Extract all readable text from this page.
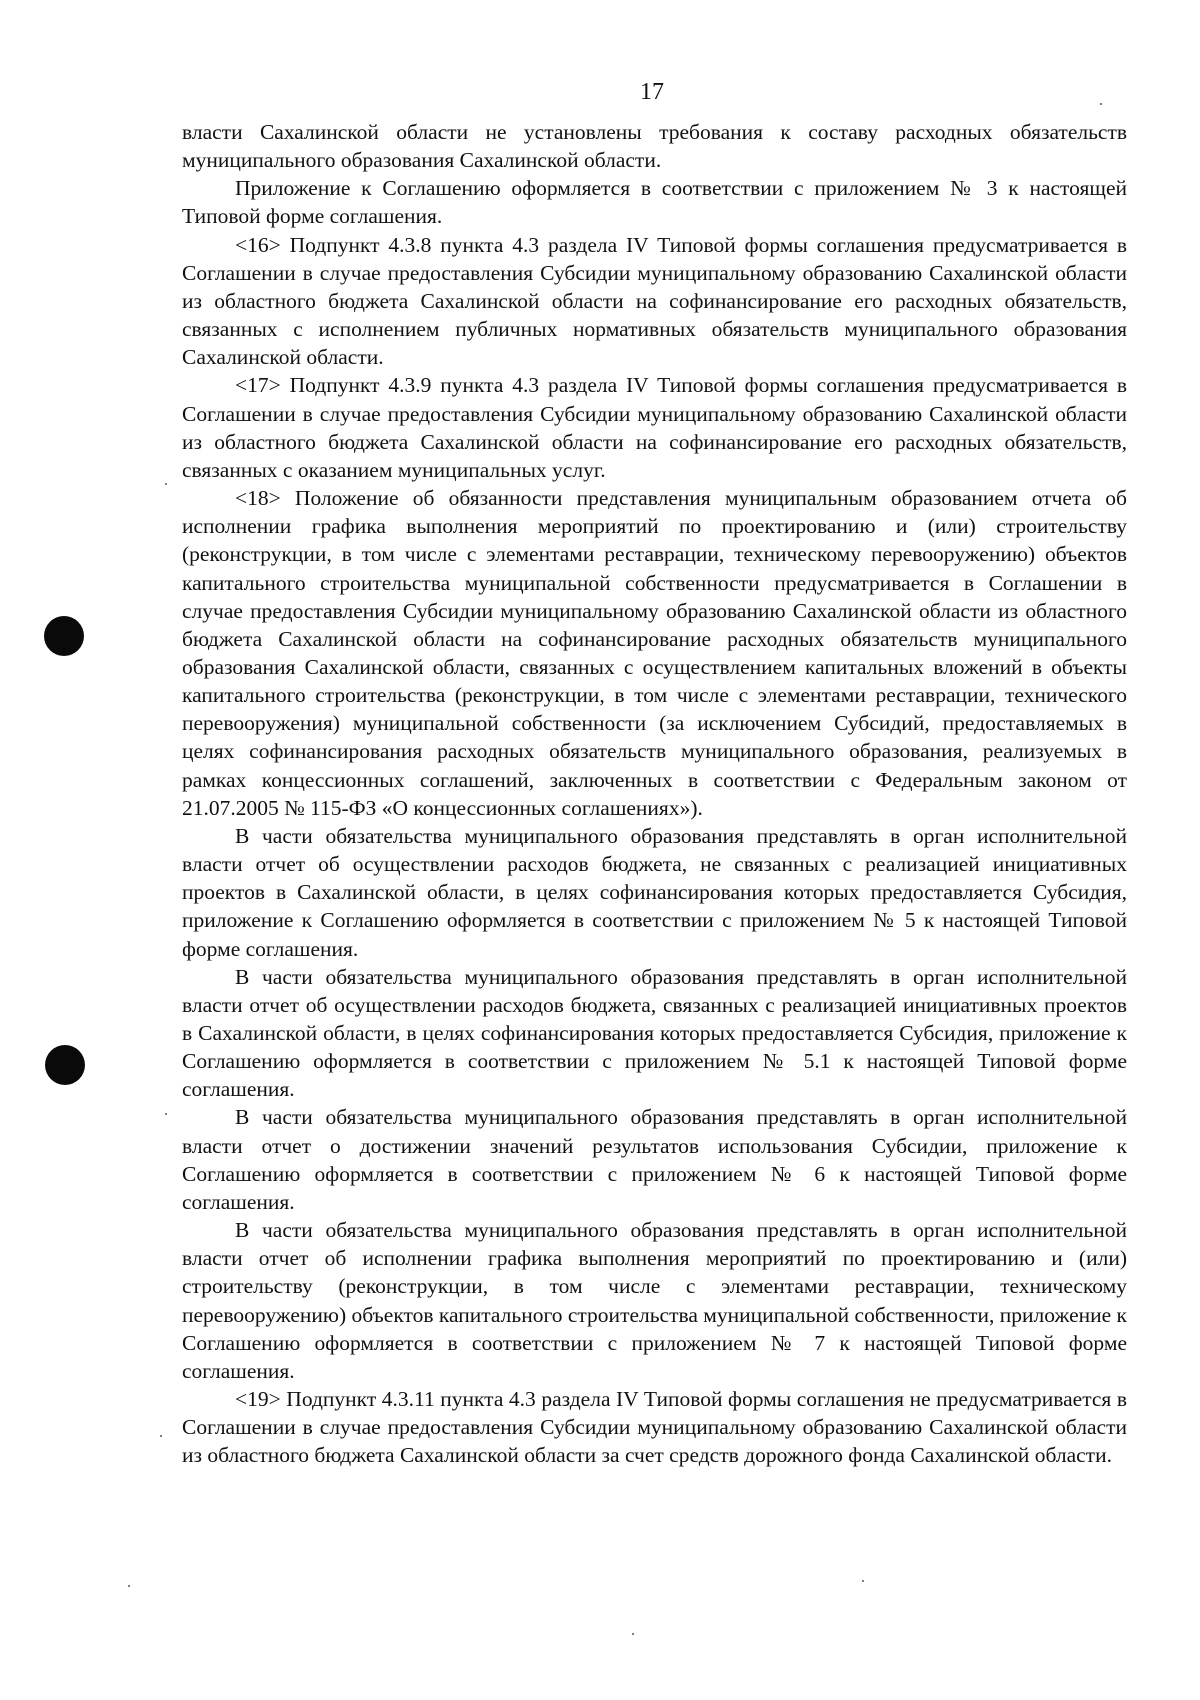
17

власти Сахалинской области не установлены требования к составу расходных обязательств муниципального образования Сахалинской области.

Приложение к Соглашению оформляется в соответствии с приложением № 3 к настоящей Типовой форме соглашения.

<16> Подпункт 4.3.8 пункта 4.3 раздела IV Типовой формы соглашения предусматривается в Соглашении в случае предоставления Субсидии муниципальному образованию Сахалинской области из областного бюджета Сахалинской области на софинансирование его расходных обязательств, связанных с исполнением публичных нормативных обязательств муниципального образования Сахалинской области.

<17> Подпункт 4.3.9 пункта 4.3 раздела IV Типовой формы соглашения предусматривается в Соглашении в случае предоставления Субсидии муниципальному образованию Сахалинской области из областного бюджета Сахалинской области на софинансирование его расходных обязательств, связанных с оказанием муниципальных услуг.

<18> Положение об обязанности представления муниципальным образованием отчета об исполнении графика выполнения мероприятий по проектированию и (или) строительству (реконструкции, в том числе с элементами реставрации, техническому перевооружению) объектов капитального строительства муниципальной собственности предусматривается в Соглашении в случае предоставления Субсидии муниципальному образованию Сахалинской области из областного бюджета Сахалинской области на софинансирование расходных обязательств муниципального образования Сахалинской области, связанных с осуществлением капитальных вложений в объекты капитального строительства (реконструкции, в том числе с элементами реставрации, технического перевооружения) муниципальной собственности (за исключением Субсидий, предоставляемых в целях софинансирования расходных обязательств муниципального образования, реализуемых в рамках концессионных соглашений, заключенных в соответствии с Федеральным законом от 21.07.2005 № 115-ФЗ «О концессионных соглашениях»).

В части обязательства муниципального образования представлять в орган исполнительной власти отчет об осуществлении расходов бюджета, не связанных с реализацией инициативных проектов в Сахалинской области, в целях софинансирования которых предоставляется Субсидия, приложение к Соглашению оформляется в соответствии с приложением № 5 к настоящей Типовой форме соглашения.

В части обязательства муниципального образования представлять в орган исполнительной власти отчет об осуществлении расходов бюджета, связанных с реализацией инициативных проектов в Сахалинской области, в целях софинансирования которых предоставляется Субсидия, приложение к Соглашению оформляется в соответствии с приложением № 5.1 к настоящей Типовой форме соглашения.

В части обязательства муниципального образования представлять в орган исполнительной власти отчет о достижении значений результатов использования Субсидии, приложение к Соглашению оформляется в соответствии с приложением № 6 к настоящей Типовой форме соглашения.

В части обязательства муниципального образования представлять в орган исполнительной власти отчет об исполнении графика выполнения мероприятий по проектированию и (или) строительству (реконструкции, в том числе с элементами реставрации, техническому перевооружению) объектов капитального строительства муниципальной собственности, приложение к Соглашению оформляется в соответствии с приложением № 7 к настоящей Типовой форме соглашения.

<19> Подпункт 4.3.11 пункта 4.3 раздела IV Типовой формы соглашения не предусматривается в Соглашении в случае предоставления Субсидии муниципальному образованию Сахалинской области из областного бюджета Сахалинской области за счет средств дорожного фонда Сахалинской области.
